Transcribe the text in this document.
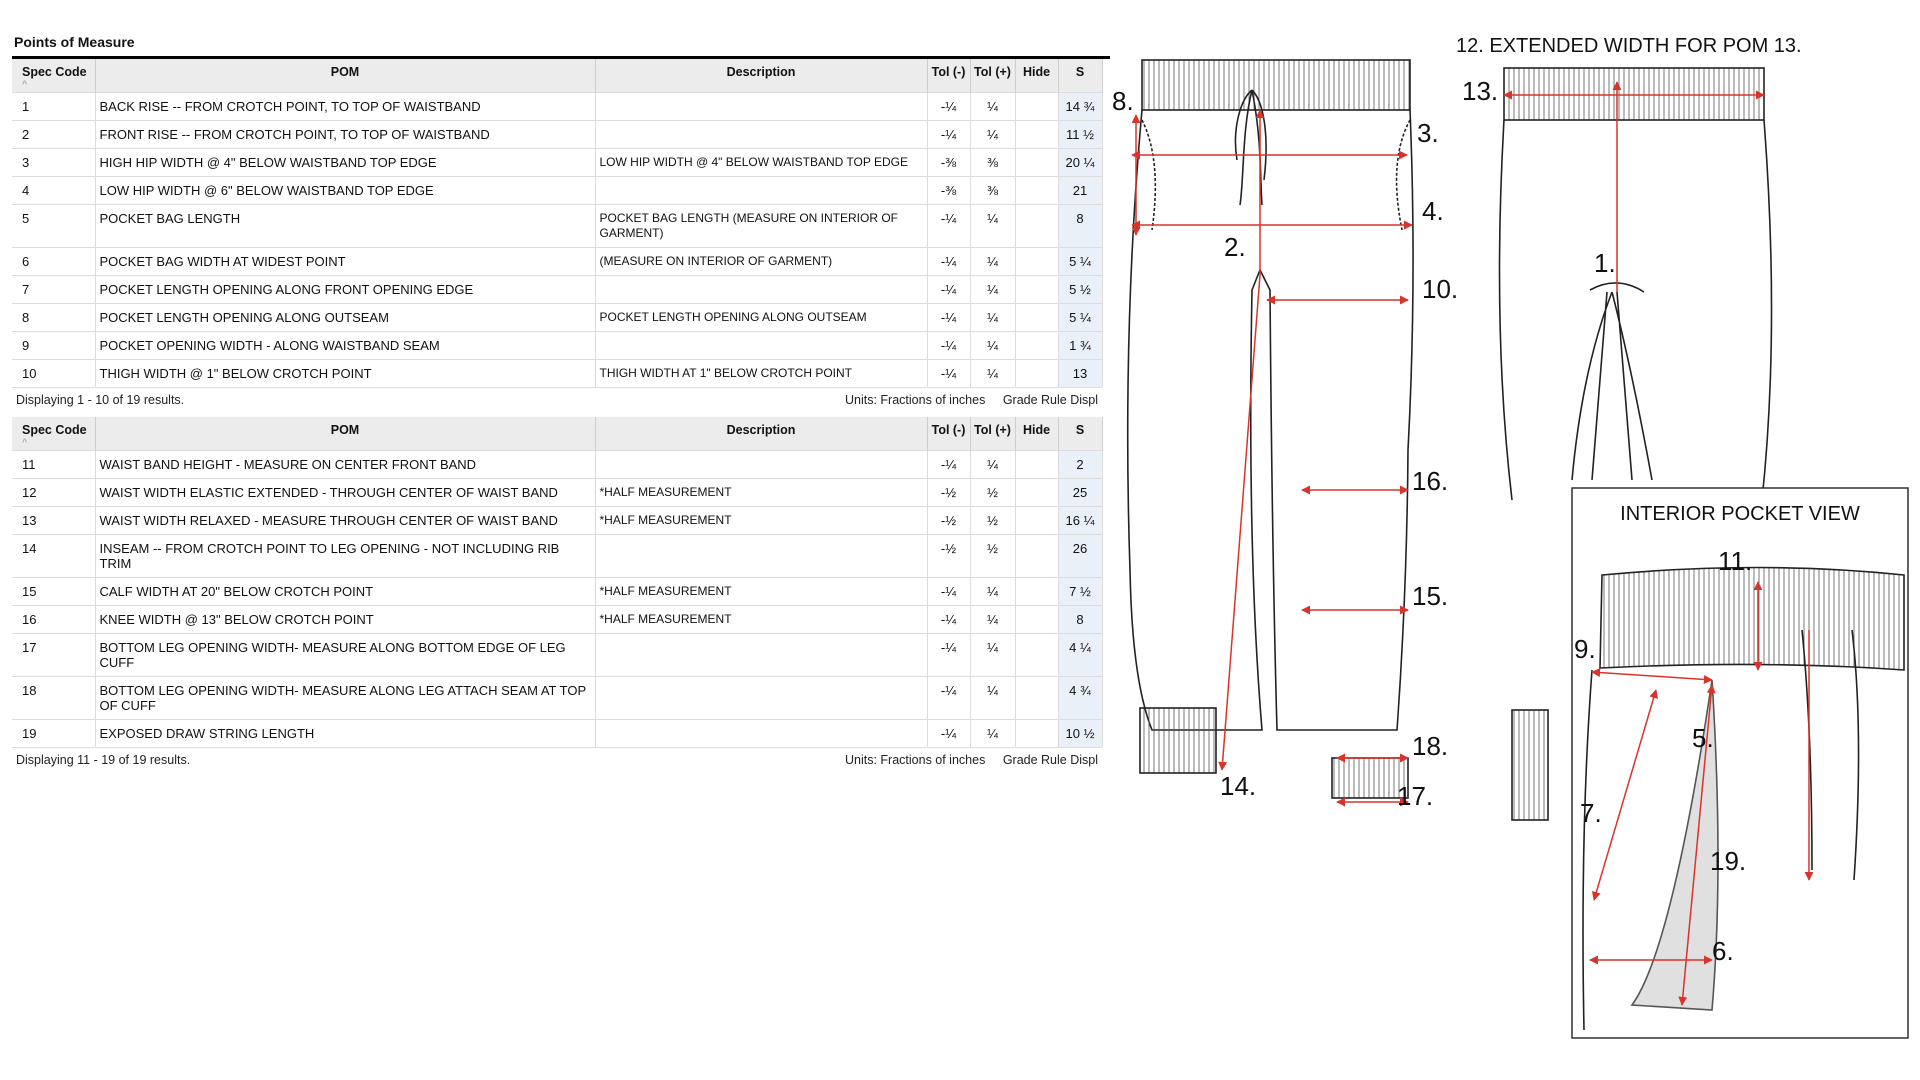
Points of Measure
Spec Code
^	POM	Description	Tol (-)	Tol (+)	Hide	S
1	BACK RISE -- FROM CROTCH POINT, TO TOP OF WAISTBAND		-¼	¼		14 ¾
2	FRONT RISE -- FROM CROTCH POINT, TO TOP OF WAISTBAND		-¼	¼		11 ½
3	HIGH HIP WIDTH @ 4" BELOW WAISTBAND TOP EDGE	LOW HIP WIDTH @ 4" BELOW WAISTBAND TOP EDGE	-⅜	⅜		20 ¼
4	LOW HIP WIDTH @ 6" BELOW WAISTBAND TOP EDGE		-⅜	⅜		21
5	POCKET BAG LENGTH	POCKET BAG LENGTH (MEASURE ON INTERIOR OF GARMENT)	-¼	¼		8
6	POCKET BAG WIDTH AT WIDEST POINT	(MEASURE ON INTERIOR OF GARMENT)	-¼	¼		5 ¼
7	POCKET LENGTH OPENING ALONG FRONT OPENING EDGE		-¼	¼		5 ½
8	POCKET LENGTH OPENING ALONG OUTSEAM	POCKET LENGTH OPENING ALONG OUTSEAM	-¼	¼		5 ¼
9	POCKET OPENING WIDTH - ALONG WAISTBAND SEAM		-¼	¼		1 ¾
10	THIGH WIDTH @ 1" BELOW CROTCH POINT	THIGH WIDTH AT 1" BELOW CROTCH POINT	-¼	¼		13
Displaying 1 - 10 of 19 results.	Units: Fractions of inches Grade Rule Displ
Spec Code
^	POM	Description	Tol (-)	Tol (+)	Hide	S
11	WAIST BAND HEIGHT - MEASURE ON CENTER FRONT BAND		-¼	¼		2
12	WAIST WIDTH ELASTIC EXTENDED - THROUGH CENTER OF WAIST BAND	*HALF MEASUREMENT	-½	½		25
13	WAIST WIDTH RELAXED - MEASURE THROUGH CENTER OF WAIST BAND	*HALF MEASUREMENT	-½	½		16 ¼
14	INSEAM -- FROM CROTCH POINT TO LEG OPENING - NOT INCLUDING RIB TRIM		-½	½		26
15	CALF WIDTH AT 20" BELOW CROTCH POINT	*HALF MEASUREMENT	-¼	¼		7 ½
16	KNEE WIDTH @ 13" BELOW CROTCH POINT	*HALF MEASUREMENT	-¼	¼		8
17	BOTTOM LEG OPENING WIDTH- MEASURE ALONG BOTTOM EDGE OF LEG CUFF		-¼	¼		4 ¼
18	BOTTOM LEG OPENING WIDTH- MEASURE ALONG LEG ATTACH SEAM AT TOP OF CUFF		-¼	¼		4 ¾
19	EXPOSED DRAW STRING LENGTH		-¼	¼		10 ½
Displaying 11 - 19 of 19 results.	Units: Fractions of inches Grade Rule Displ
12. EXTENDED WIDTH FOR POM 13.
INTERIOR POCKET VIEW
8.
3.
4.
2.
10.
16.
15.
18.
14.	17.
13.
1.
11.
9.
5.
7.
19.
6.
